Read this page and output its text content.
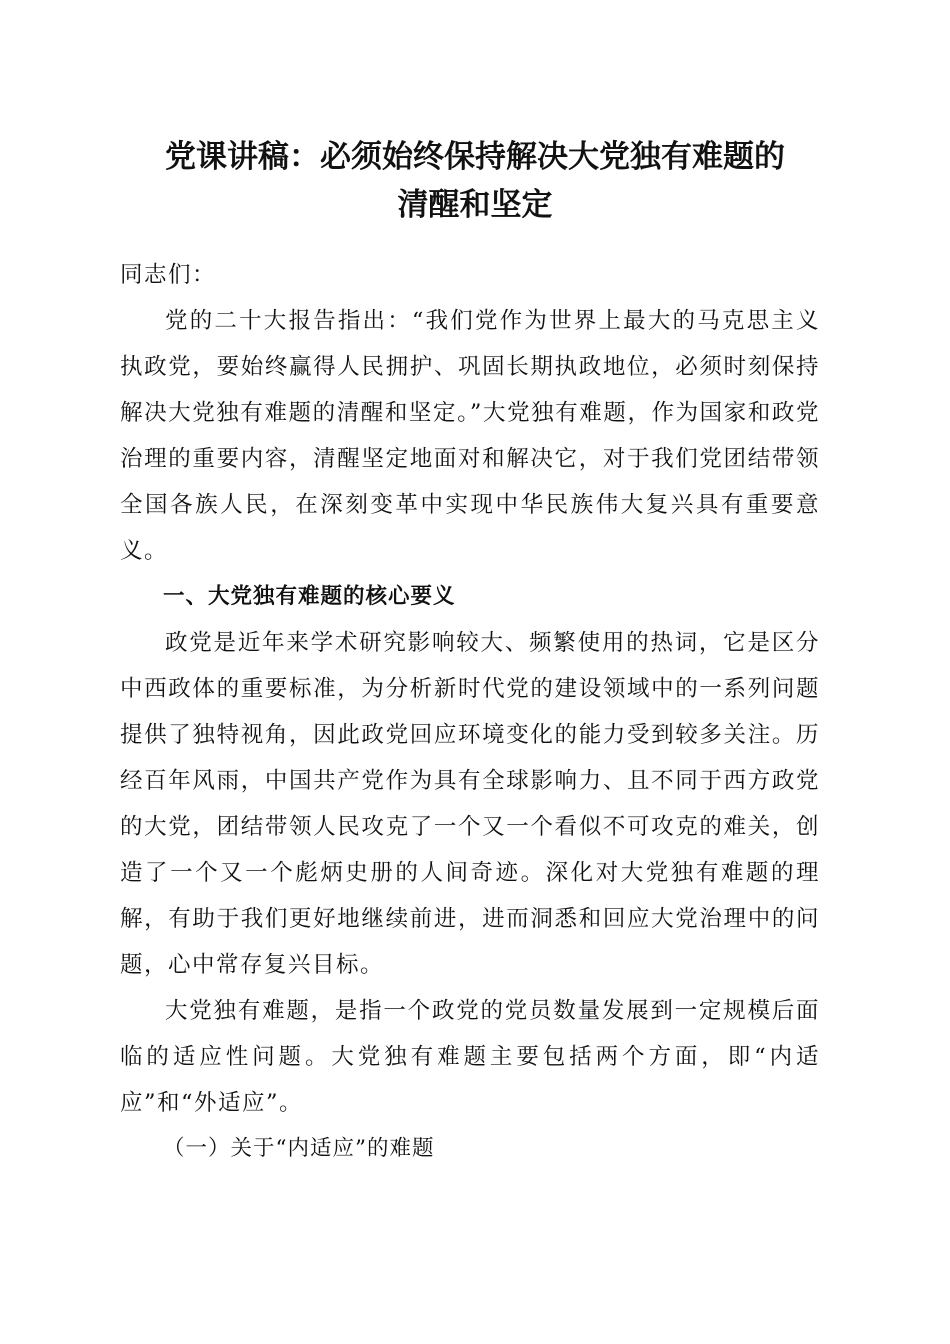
党课讲稿：必须始终保持解决大党独有难题的
清醒和坚定

同志们：

党的二十大报告指出：“我们党作为世界上最大的马克思主义执政党，要始终赢得人民拥护、巩固长期执政地位，必须时刻保持解决大党独有难题的清醒和坚定。”大党独有难题，作为国家和政党治理的重要内容，清醒坚定地面对和解决它，对于我们党团结带领全国各族人民，在深刻变革中实现中华民族伟大复兴具有重要意义。

一、大党独有难题的核心要义

政党是近年来学术研究影响较大、频繁使用的热词，它是区分中西政体的重要标准，为分析新时代党的建设领域中的一系列问题提供了独特视角，因此政党回应环境变化的能力受到较多关注。历经百年风雨，中国共产党作为具有全球影响力、且不同于西方政党的大党，团结带领人民攻克了一个又一个看似不可攻克的难关，创造了一个又一个彪炳史册的人间奇迹。深化对大党独有难题的理解，有助于我们更好地继续前进，进而洞悉和回应大党治理中的问题，心中常存复兴目标。

大党独有难题，是指一个政党的党员数量发展到一定规模后面临的适应性问题。大党独有难题主要包括两个方面，即“内适应”和“外适应”。

（一）关于“内适应”的难题
